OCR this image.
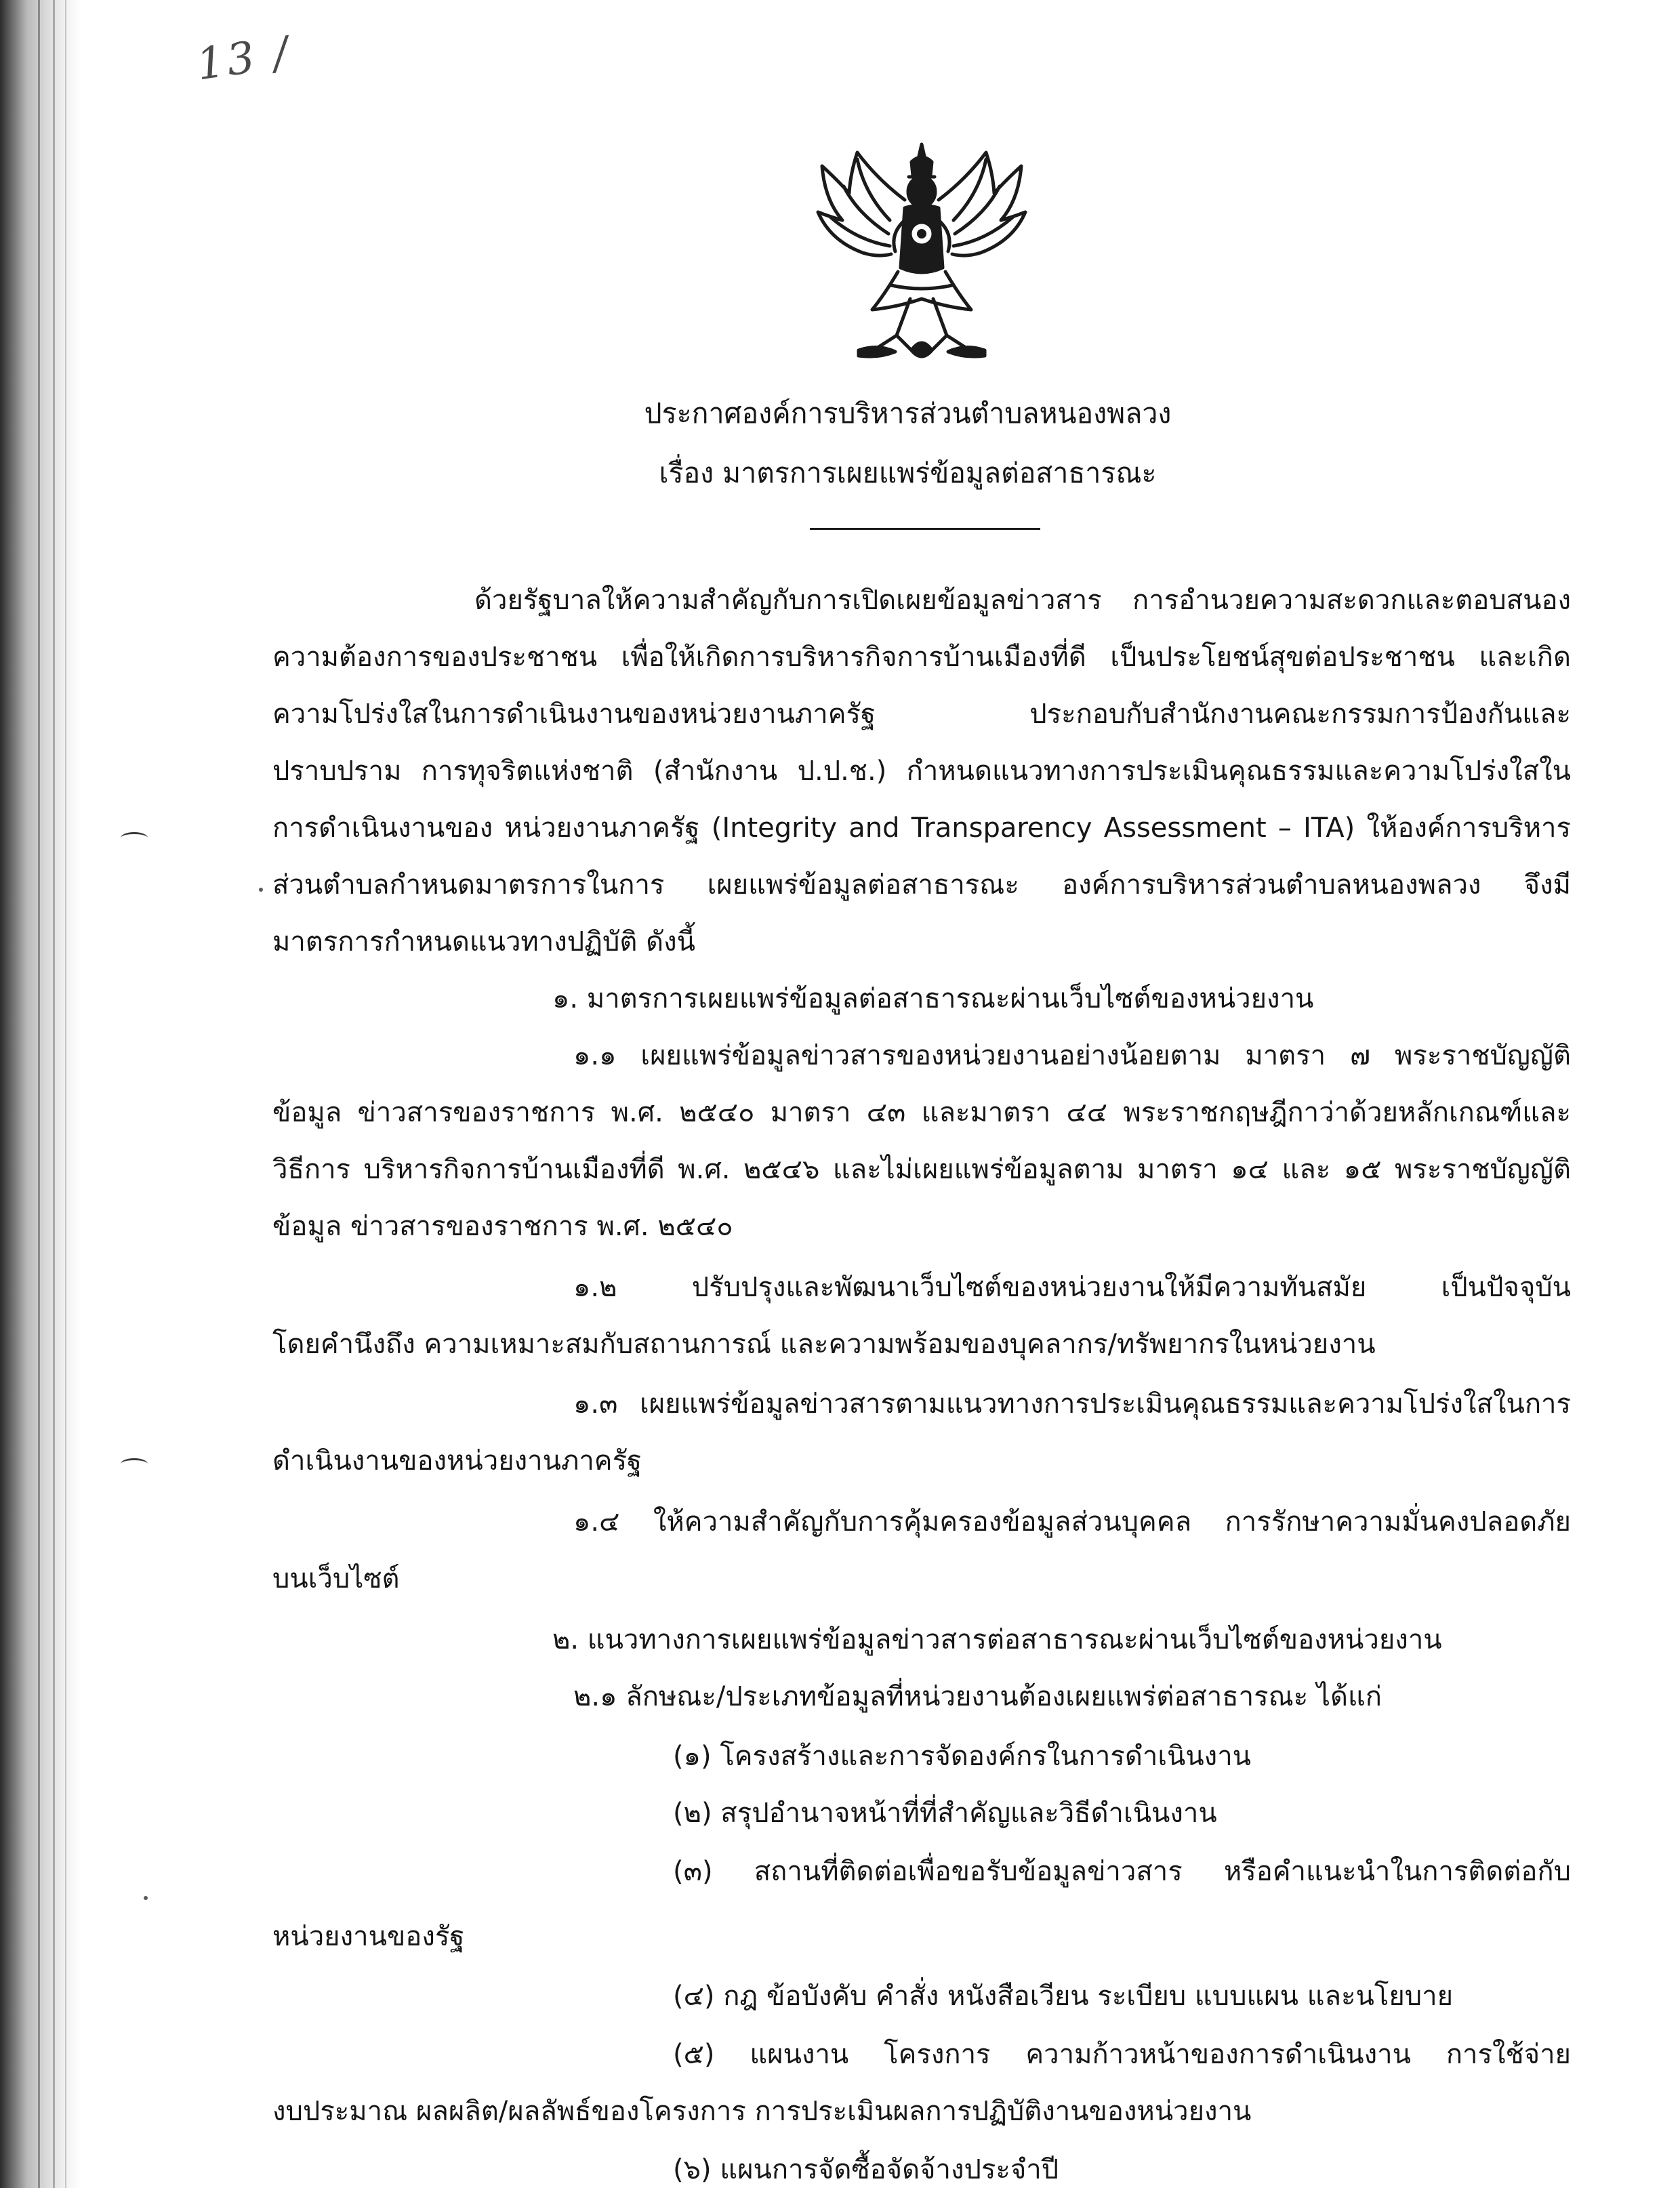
13 /
ประกาศองค์การบริหารส่วนตำบลหนองพลวง
เรื่อง มาตรการเผยแพร่ข้อมูลต่อสาธารณะ
ด้วยรัฐบาลให้ความสำคัญกับการเปิดเผยข้อมูลข่าวสาร การอำนวยความสะดวกและตอบสนอง
ความต้องการของประชาชน เพื่อให้เกิดการบริหารกิจการบ้านเมืองที่ดี เป็นประโยชน์สุขต่อประชาชน และเกิด
ความโปร่งใสในการดำเนินงานของหน่วยงานภาครัฐ ประกอบกับสำนักงานคณะกรรมการป้องกันและ
ปราบปราม การทุจริตแห่งชาติ (สำนักงาน ป.ป.ช.) กำหนดแนวทางการประเมินคุณธรรมและความโปร่งใสใน
การดำเนินงานของ หน่วยงานภาครัฐ (Integrity and Transparency Assessment – ITA) ให้องค์การบริหาร
ส่วนตำบลกำหนดมาตรการในการ เผยแพร่ข้อมูลต่อสาธารณะ องค์การบริหารส่วนตำบลหนองพลวง จึงมี
มาตรการกำหนดแนวทางปฏิบัติ ดังนี้
๑. มาตรการเผยแพร่ข้อมูลต่อสาธารณะผ่านเว็บไซต์ของหน่วยงาน
๑.๑ เผยแพร่ข้อมูลข่าวสารของหน่วยงานอย่างน้อยตาม มาตรา ๗ พระราชบัญญัติ
ข้อมูล ข่าวสารของราชการ พ.ศ. ๒๕๔๐ มาตรา ๔๓ และมาตรา ๔๔ พระราชกฤษฎีกาว่าด้วยหลักเกณฑ์และ
วิธีการ บริหารกิจการบ้านเมืองที่ดี พ.ศ. ๒๕๔๖ และไม่เผยแพร่ข้อมูลตาม มาตรา ๑๔ และ ๑๕ พระราชบัญญัติ
ข้อมูล ข่าวสารของราชการ พ.ศ. ๒๕๔๐
๑.๒ ปรับปรุงและพัฒนาเว็บไซต์ของหน่วยงานให้มีความทันสมัย เป็นปัจจุบัน
โดยคำนึงถึง ความเหมาะสมกับสถานการณ์ และความพร้อมของบุคลากร/ทรัพยากรในหน่วยงาน
๑.๓ เผยแพร่ข้อมูลข่าวสารตามแนวทางการประเมินคุณธรรมและความโปร่งใสในการ
ดำเนินงานของหน่วยงานภาครัฐ
๑.๔ ให้ความสำคัญกับการคุ้มครองข้อมูลส่วนบุคคล การรักษาความมั่นคงปลอดภัย
บนเว็บไซต์
๒. แนวทางการเผยแพร่ข้อมูลข่าวสารต่อสาธารณะผ่านเว็บไซต์ของหน่วยงาน
๒.๑ ลักษณะ/ประเภทข้อมูลที่หน่วยงานต้องเผยแพร่ต่อสาธารณะ ได้แก่
(๑) โครงสร้างและการจัดองค์กรในการดำเนินงาน
(๒) สรุปอำนาจหน้าที่ที่สำคัญและวิธีดำเนินงาน
(๓) สถานที่ติดต่อเพื่อขอรับข้อมูลข่าวสาร หรือคำแนะนำในการติดต่อกับ
หน่วยงานของรัฐ
(๔) กฎ ข้อบังคับ คำสั่ง หนังสือเวียน ระเบียบ แบบแผน และนโยบาย
(๕) แผนงาน โครงการ ความก้าวหน้าของการดำเนินงาน การใช้จ่าย
งบประมาณ ผลผลิต/ผลลัพธ์ของโครงการ การประเมินผลการปฏิบัติงานของหน่วยงาน
(๖) แผนการจัดซื้อจัดจ้างประจำปี
